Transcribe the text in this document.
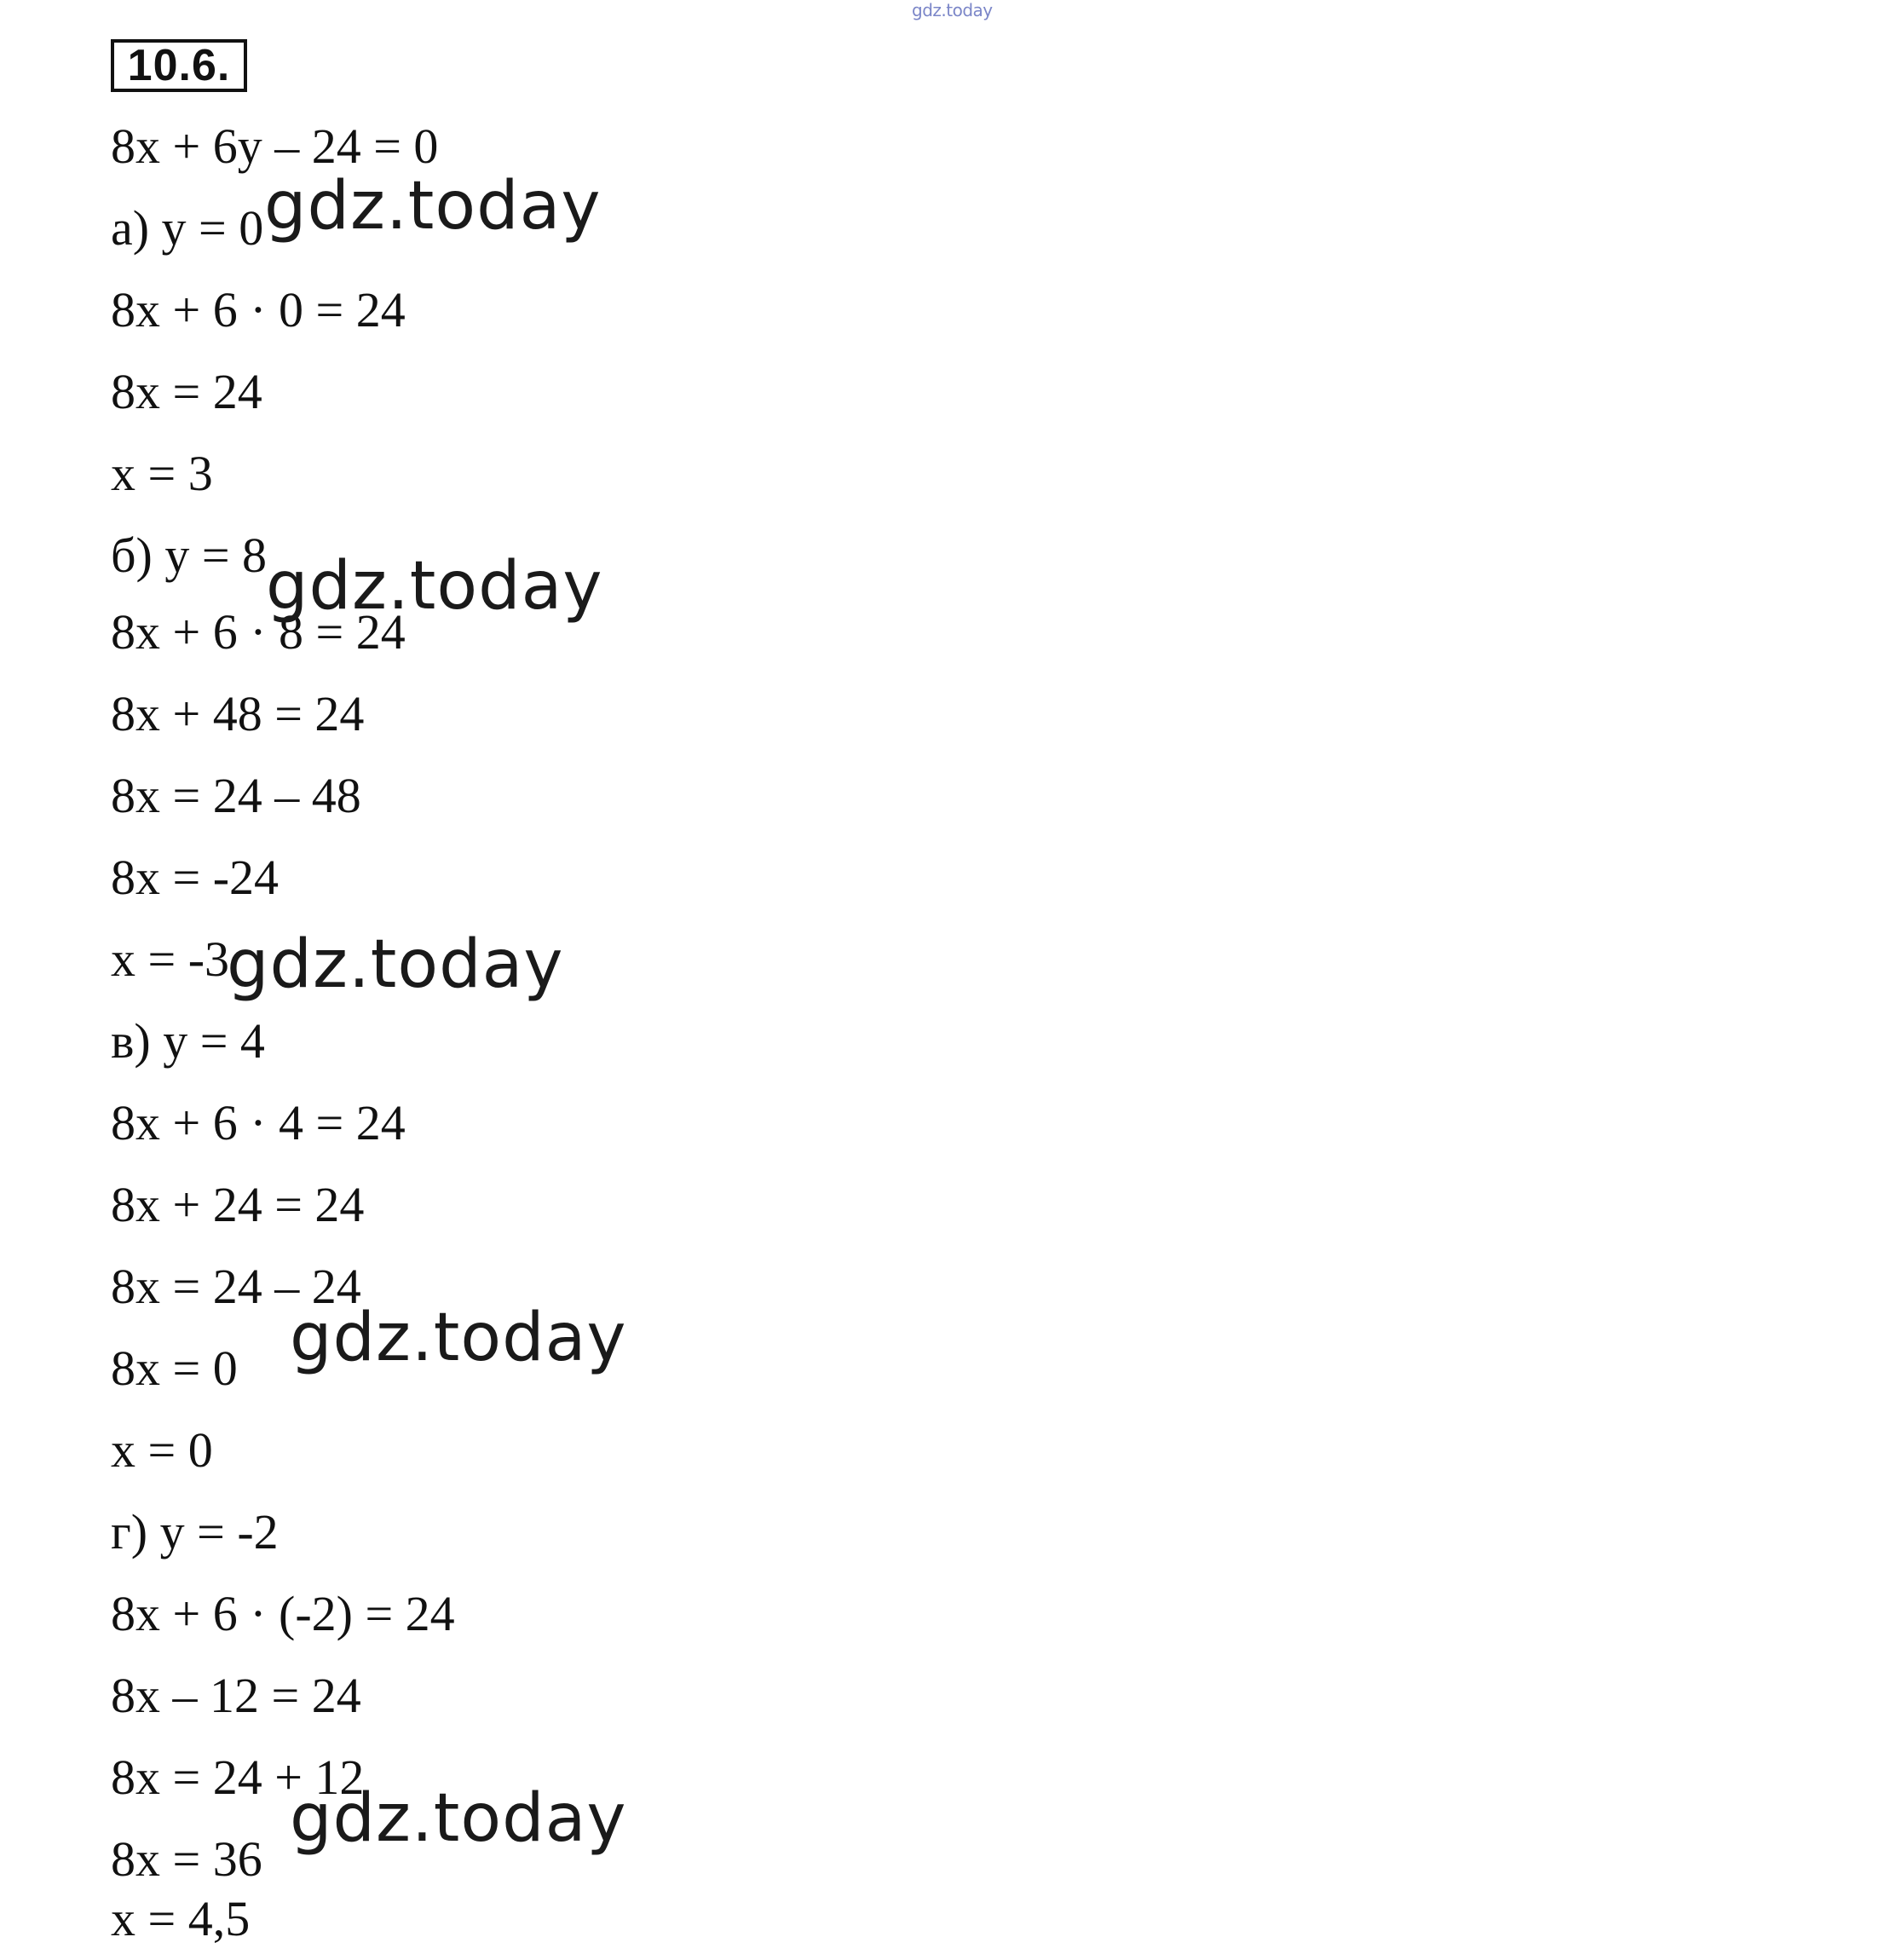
gdz.today
10.6.
8x + 6y – 24 = 0
а) y = 0
8x + 6 · 0 = 24
8x = 24
x = 3
б) y = 8
8x + 6 · 8 = 24
8x + 48 = 24
8x = 24 – 48
8x = -24
x = -3
в) y = 4
8x + 6 · 4 = 24
8x + 24 = 24
8x = 24 – 24
8x = 0
x = 0
г) y = -2
8x + 6 · (-2) = 24
8x – 12 = 24
8x = 24 + 12
8x = 36
x = 4,5
gdz.today
gdz.today
gdz.today
gdz.today
gdz.today
